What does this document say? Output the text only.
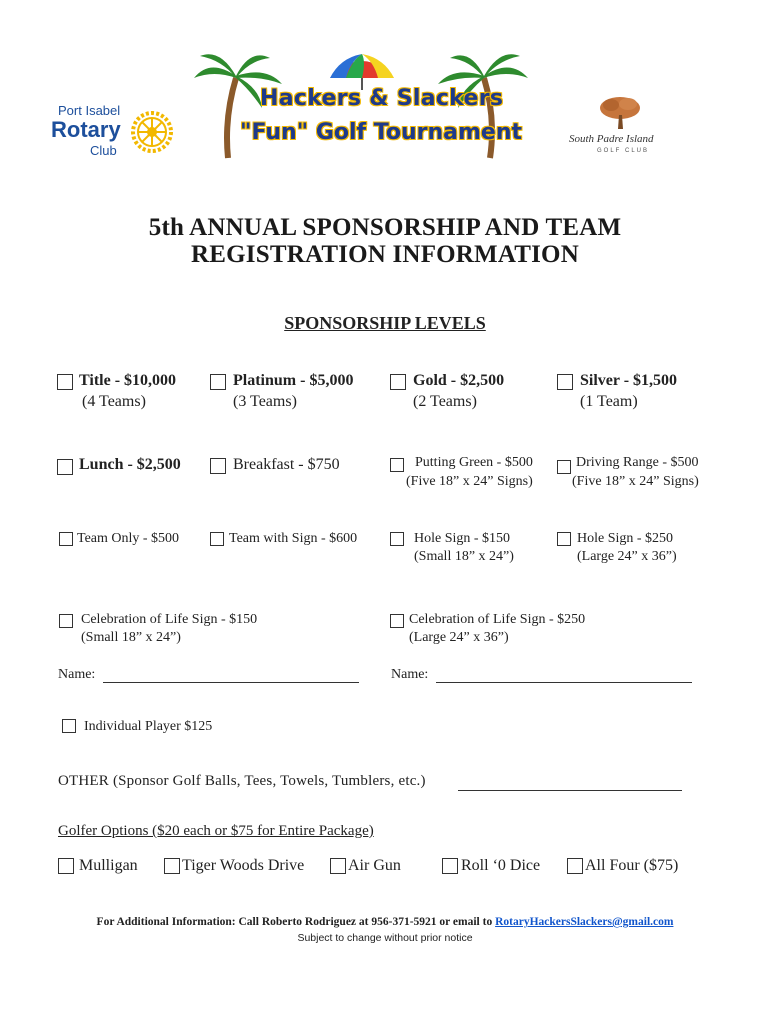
Port Isabel
Rotary
Club
Hackers & Slackers
"Fun" Golf Tournament	South Padre Island
GOLF CLUB
5th ANNUAL SPONSORSHIP AND TEAM
REGISTRATION INFORMATION
SPONSORSHIP LEVELS
Title - $10,000
(4 Teams)
Platinum - $5,000
(3 Teams)
Gold - $2,500
(2 Teams)
Silver - $1,500
(1 Team)
Lunch - $2,500	Breakfast - $750	Putting Green - $500
(Five 18” x 24” Signs)
Driving Range - $500
(Five 18” x 24” Signs)
Team Only - $500	Team with Sign - $600	Hole Sign - $150
(Small 18” x 24”)
Hole Sign - $250
(Large 24” x 36”)
Celebration of Life Sign - $150
(Small 18” x 24”)
Celebration of Life Sign - $250
(Large 24” x 36”)
Name:	Name:
Individual Player $125
OTHER (Sponsor Golf Balls, Tees, Towels, Tumblers, etc.)
Golfer Options ($20 each or $75 for Entire Package)
Mulligan	Tiger Woods Drive	Air Gun	Roll ‘0 Dice	All Four ($75)
For Additional Information: Call Roberto Rodriguez at 956-371-5921 or email to RotaryHackersSlackers@gmail.com
Subject to change without prior notice
